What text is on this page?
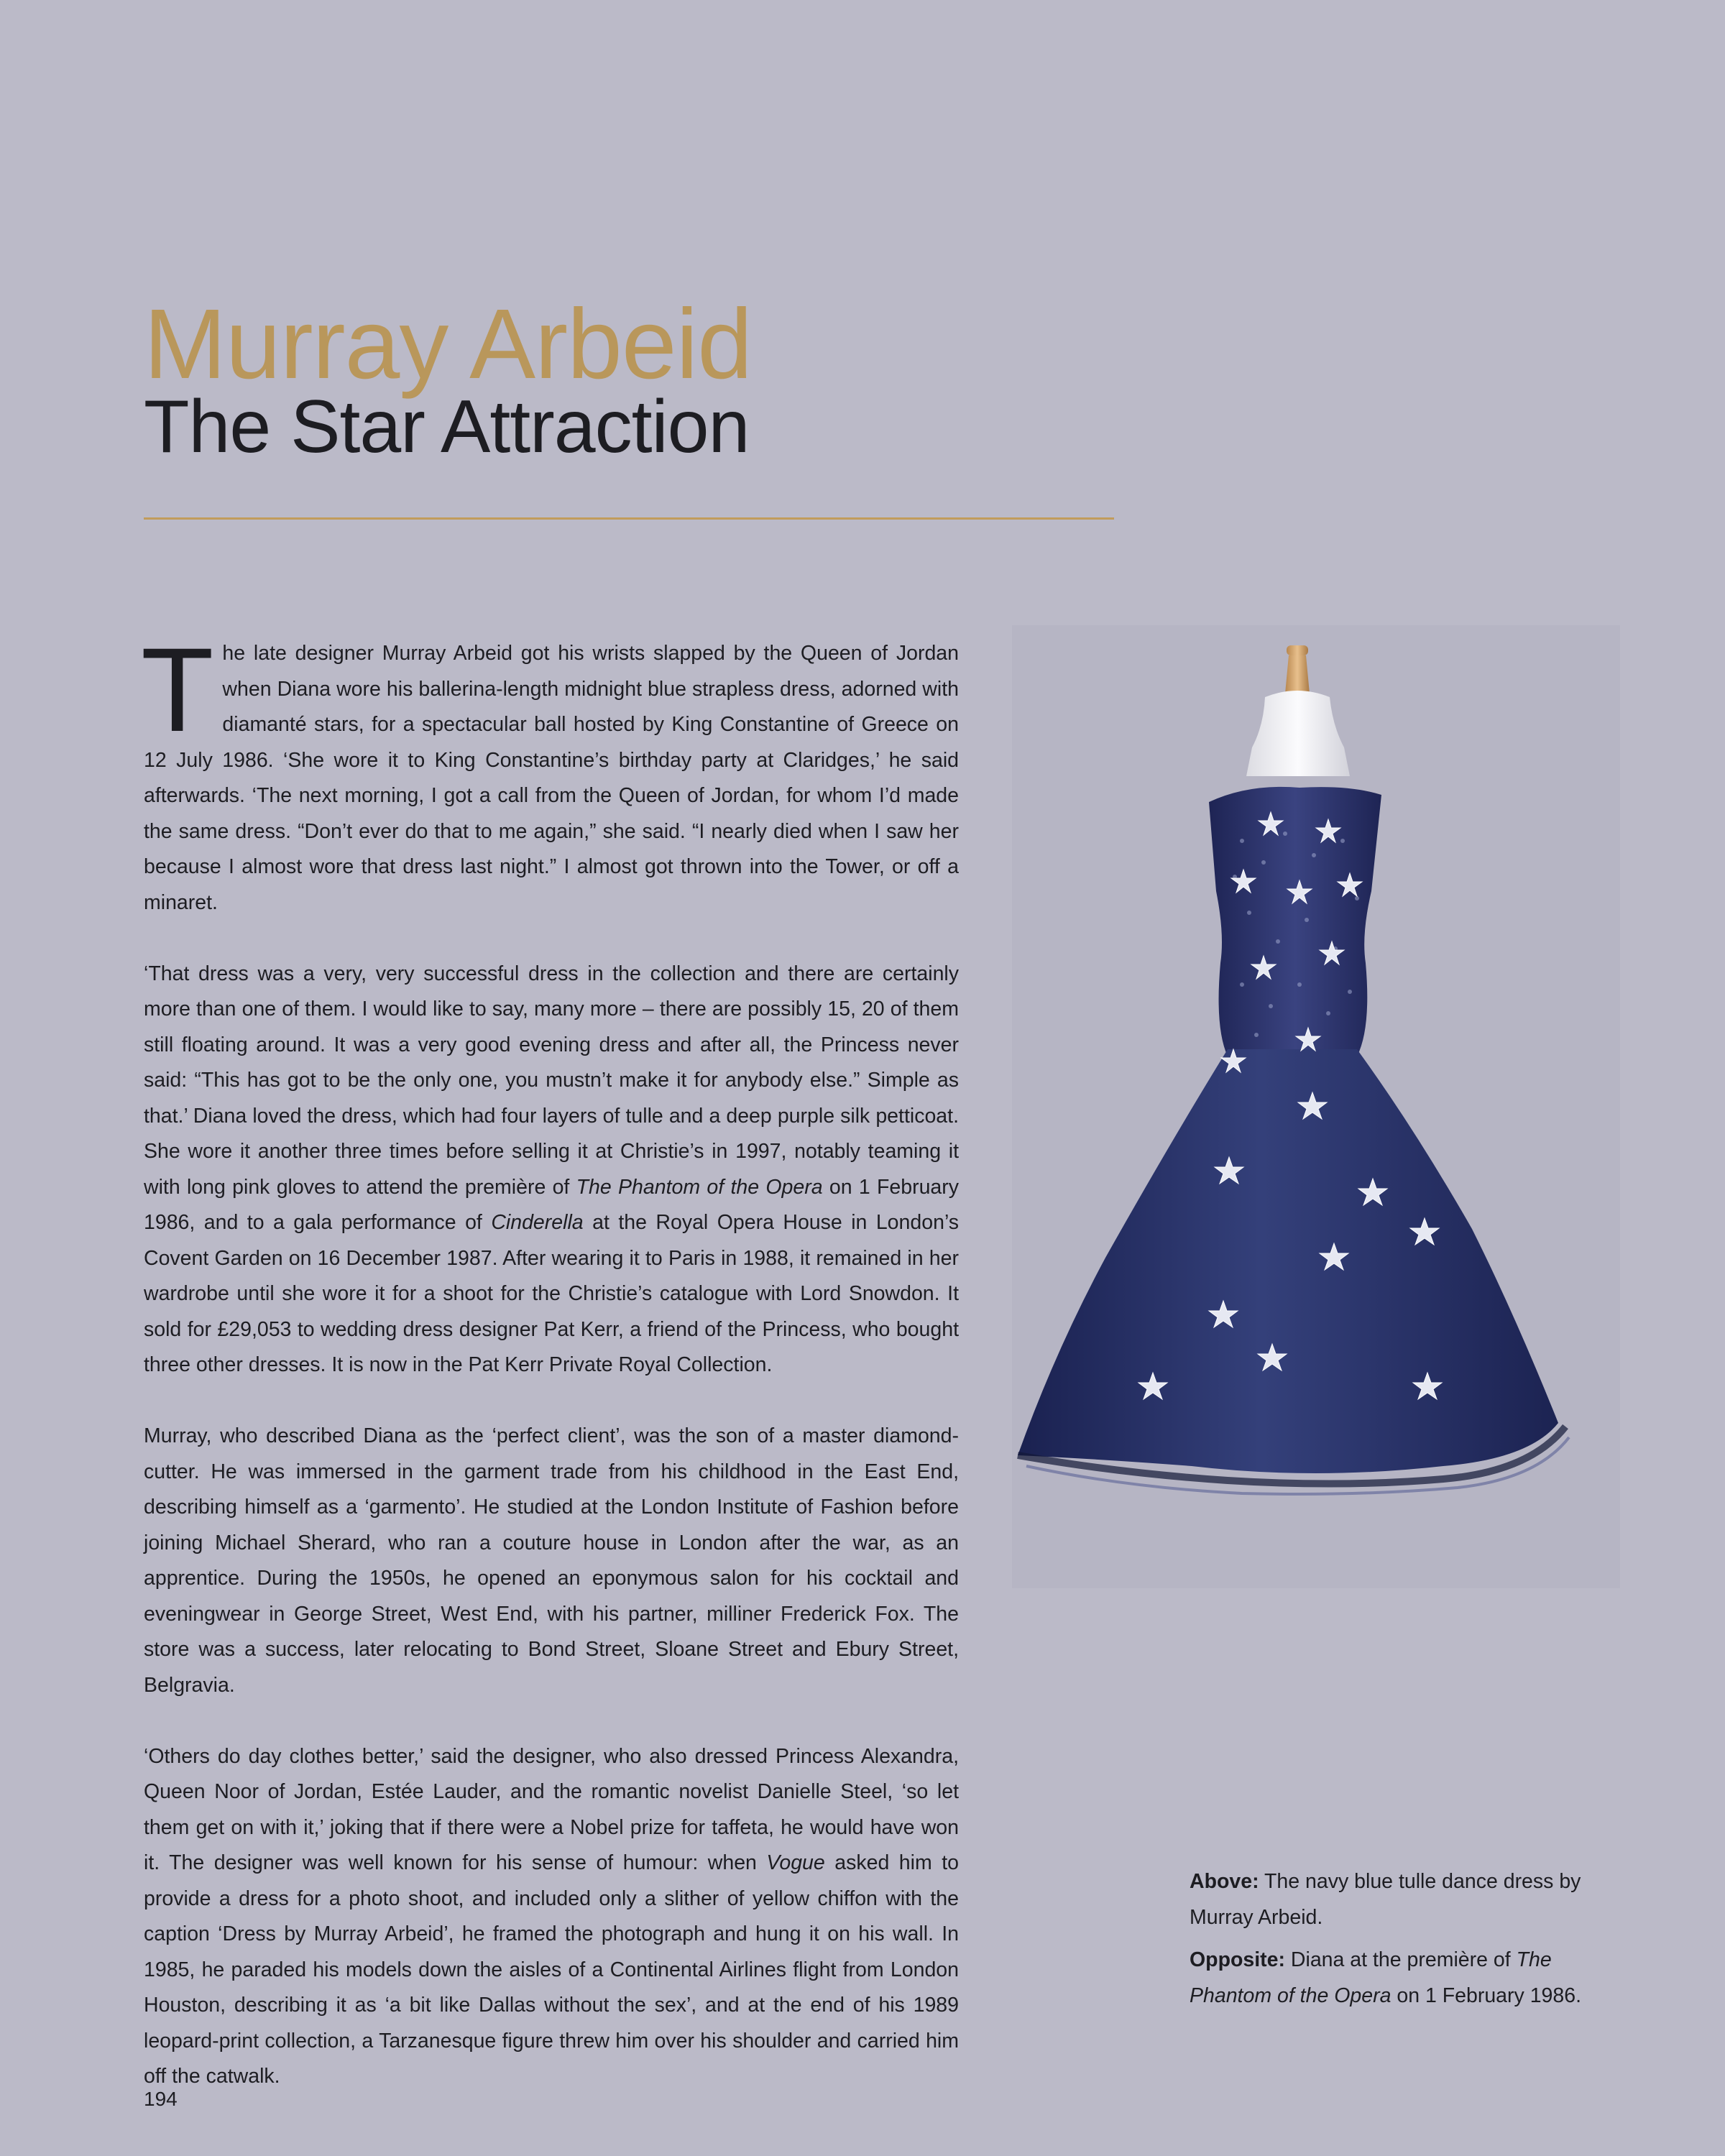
Murray Arbeid
The Star Attraction

The late designer Murray Arbeid got his wrists slapped by the Queen of Jordan when Diana wore his ballerina-length midnight blue strapless dress, adorned with diamanté stars, for a spectacular ball hosted by King Constantine of Greece on 12 July 1986. ‘She wore it to King Constantine’s birthday party at Claridges,’ he said afterwards. ‘The next morning, I got a call from the Queen of Jordan, for whom I’d made the same dress. “Don’t ever do that to me again,” she said. “I nearly died when I saw her because I almost wore that dress last night.” I almost got thrown into the Tower, or off a minaret.

‘That dress was a very, very successful dress in the collection and there are certainly more than one of them. I would like to say, many more – there are possibly 15, 20 of them still floating around. It was a very good evening dress and after all, the Princess never said: “This has got to be the only one, you mustn’t make it for anybody else.” Simple as that.’ Diana loved the dress, which had four layers of tulle and a deep purple silk petticoat. She wore it another three times before selling it at Christie’s in 1997, notably teaming it with long pink gloves to attend the première of The Phantom of the Opera on 1 February 1986, and to a gala performance of Cinderella at the Royal Opera House in London’s Covent Garden on 16 December 1987. After wearing it to Paris in 1988, it remained in her wardrobe until she wore it for a shoot for the Christie’s catalogue with Lord Snowdon. It sold for £29,053 to wedding dress designer Pat Kerr, a friend of the Princess, who bought three other dresses. It is now in the Pat Kerr Private Royal Collection.

Murray, who described Diana as the ‘perfect client’, was the son of a master diamond-cutter. He was immersed in the garment trade from his childhood in the East End, describing himself as a ‘garmento’. He studied at the London Institute of Fashion before joining Michael Sherard, who ran a couture house in London after the war, as an apprentice. During the 1950s, he opened an eponymous salon for his cocktail and eveningwear in George Street, West End, with his partner, milliner Frederick Fox. The store was a success, later relocating to Bond Street, Sloane Street and Ebury Street, Belgravia.

‘Others do day clothes better,’ said the designer, who also dressed Princess Alexandra, Queen Noor of Jordan, Estée Lauder, and the romantic novelist Danielle Steel, ‘so let them get on with it,’ joking that if there were a Nobel prize for taffeta, he would have won it. The designer was well known for his sense of humour: when Vogue asked him to provide a dress for a photo shoot, and included only a slither of yellow chiffon with the caption ‘Dress by Murray Arbeid’, he framed the photograph and hung it on his wall. In 1985, he paraded his models down the aisles of a Continental Airlines flight from London Houston, describing it as ‘a bit like Dallas without the sex’, and at the end of his 1989 leopard-print collection, a Tarzanesque figure threw him over his shoulder and carried him off the catwalk.

Above: The navy blue tulle dance dress by Murray Arbeid.

Opposite: Diana at the première of The Phantom of the Opera on 1 February 1986.

194
